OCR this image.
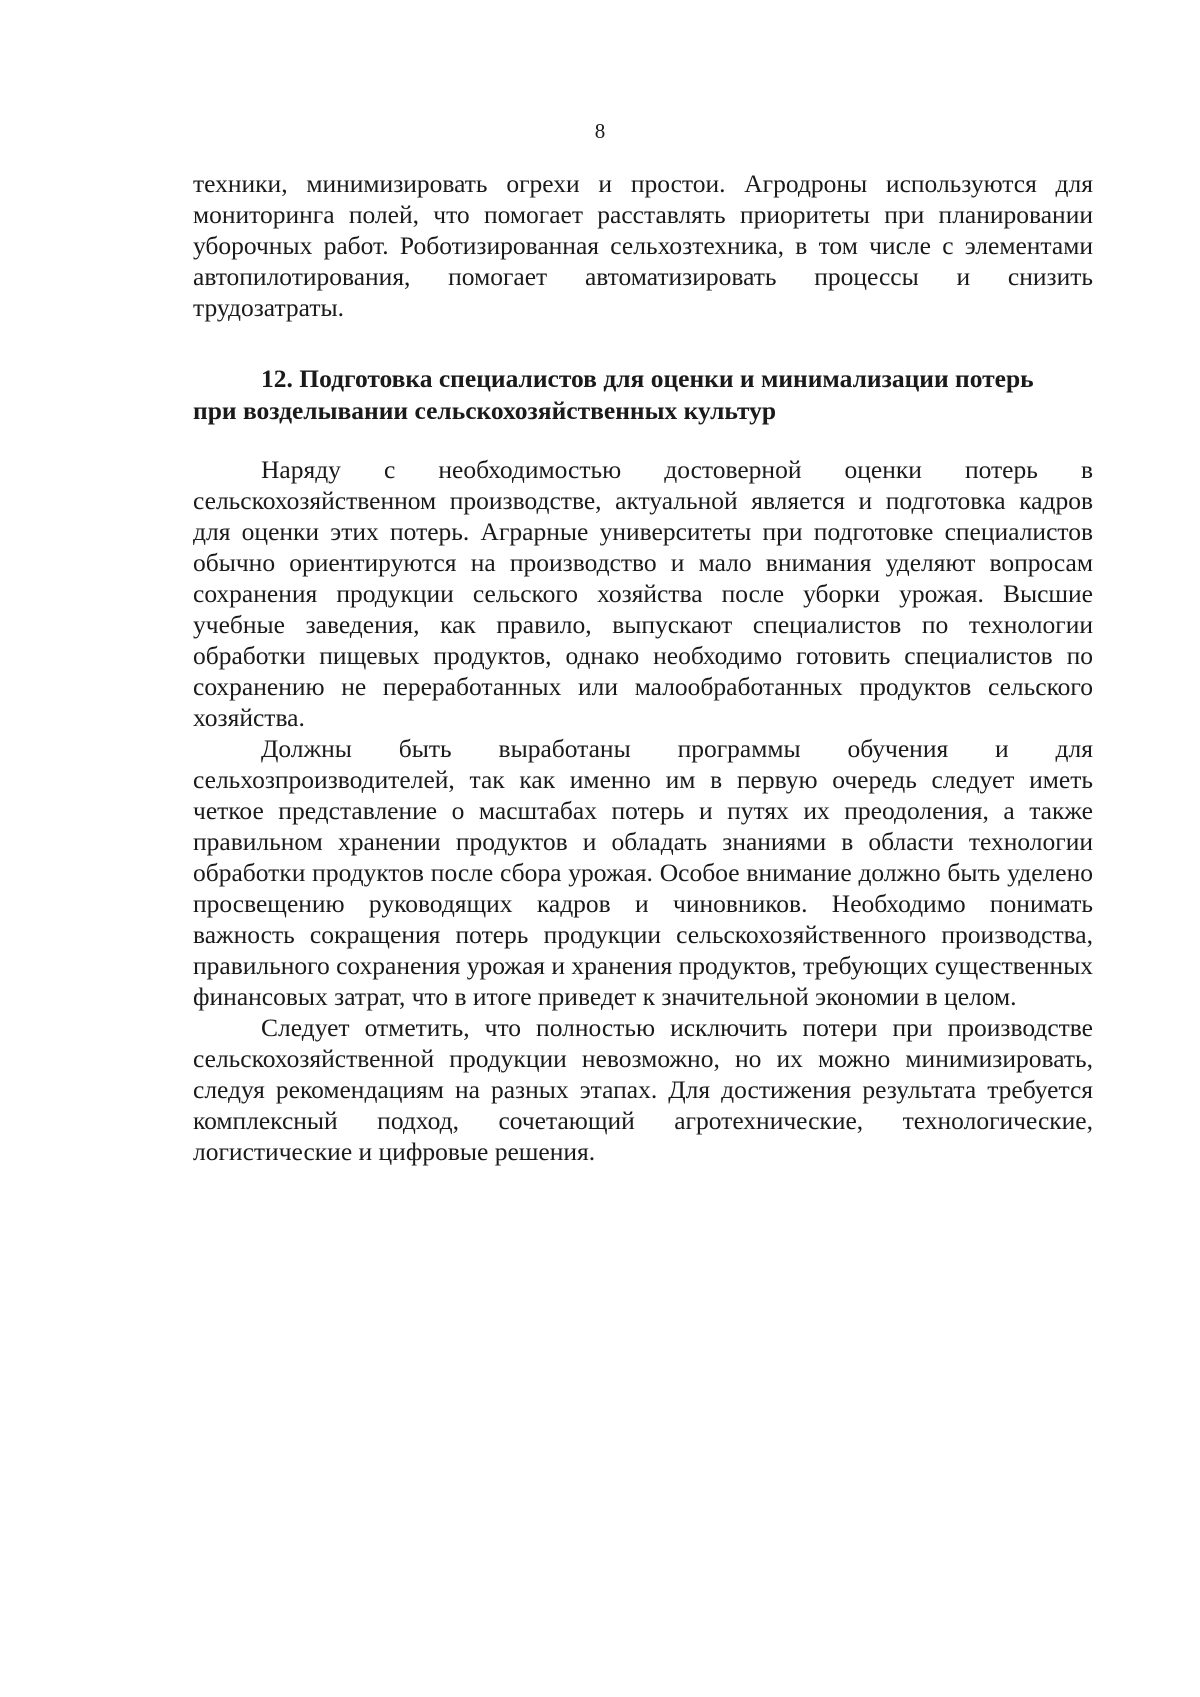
8

техники, минимизировать огрехи и простои. Агродроны используются для мониторинга полей, что помогает расставлять приоритеты при планировании уборочных работ. Роботизированная сельхозтехника, в том числе с элементами автопилотирования, помогает автоматизировать процессы и снизить трудозатраты.

12. Подготовка специалистов для оценки и минимализации потерь
при возделывании сельскохозяйственных культур

Наряду с необходимостью достоверной оценки потерь в сельскохозяйственном производстве, актуальной является и подготовка кадров для оценки этих потерь. Аграрные университеты при подготовке специалистов обычно ориентируются на производство и мало внимания уделяют вопросам сохранения продукции сельского хозяйства после уборки урожая. Высшие учебные заведения, как правило, выпускают специалистов по технологии обработки пищевых продуктов, однако необходимо готовить специалистов по сохранению не переработанных или малообработанных продуктов сельского хозяйства.

Должны быть выработаны программы обучения и для сельхозпроизводителей, так как именно им в первую очередь следует иметь четкое представление о масштабах потерь и путях их преодоления, а также правильном хранении продуктов и обладать знаниями в области технологии обработки продуктов после сбора урожая. Особое внимание должно быть уделено просвещению руководящих кадров и чиновников. Необходимо понимать важность сокращения потерь продукции сельскохозяйственного производства, правильного сохранения урожая и хранения продуктов, требующих существенных финансовых затрат, что в итоге приведет к значительной экономии в целом.

Следует отметить, что полностью исключить потери при производстве сельскохозяйственной продукции невозможно, но их можно минимизировать, следуя рекомендациям на разных этапах. Для достижения результата требуется комплексный подход, сочетающий агротехнические, технологические, логистические и цифровые решения.
